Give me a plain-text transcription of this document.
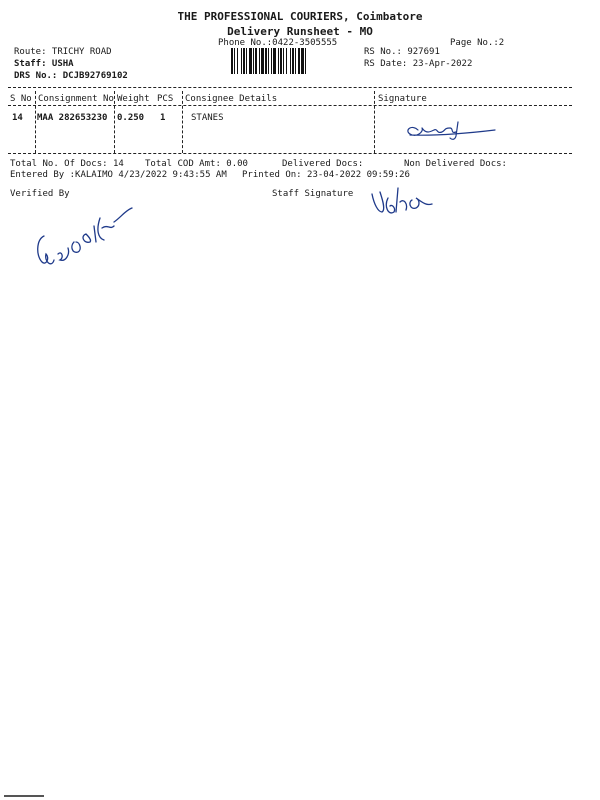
THE PROFESSIONAL COURIERS, Coimbatore
Delivery Runsheet - MO
Phone No.:0422-3505555	Page No.:2
Route: TRICHY ROAD
Staff: USHA
DRS No.: DCJB92769102
RS No.: 927691
RS Date: 23-Apr-2022
S No Consignment No Weight PCS Consignee Details	Signature
14 MAA 282653230 0.250 1	STANES
Total No. Of Docs: 14 Total COD Amt: 0.00	Delivered Docs:	Non Delivered Docs:
Entered By :KALAIMO 4/23/2022 9:43:55 AM Printed On: 23-04-2022 09:59:26
Verified By	Staff Signature
